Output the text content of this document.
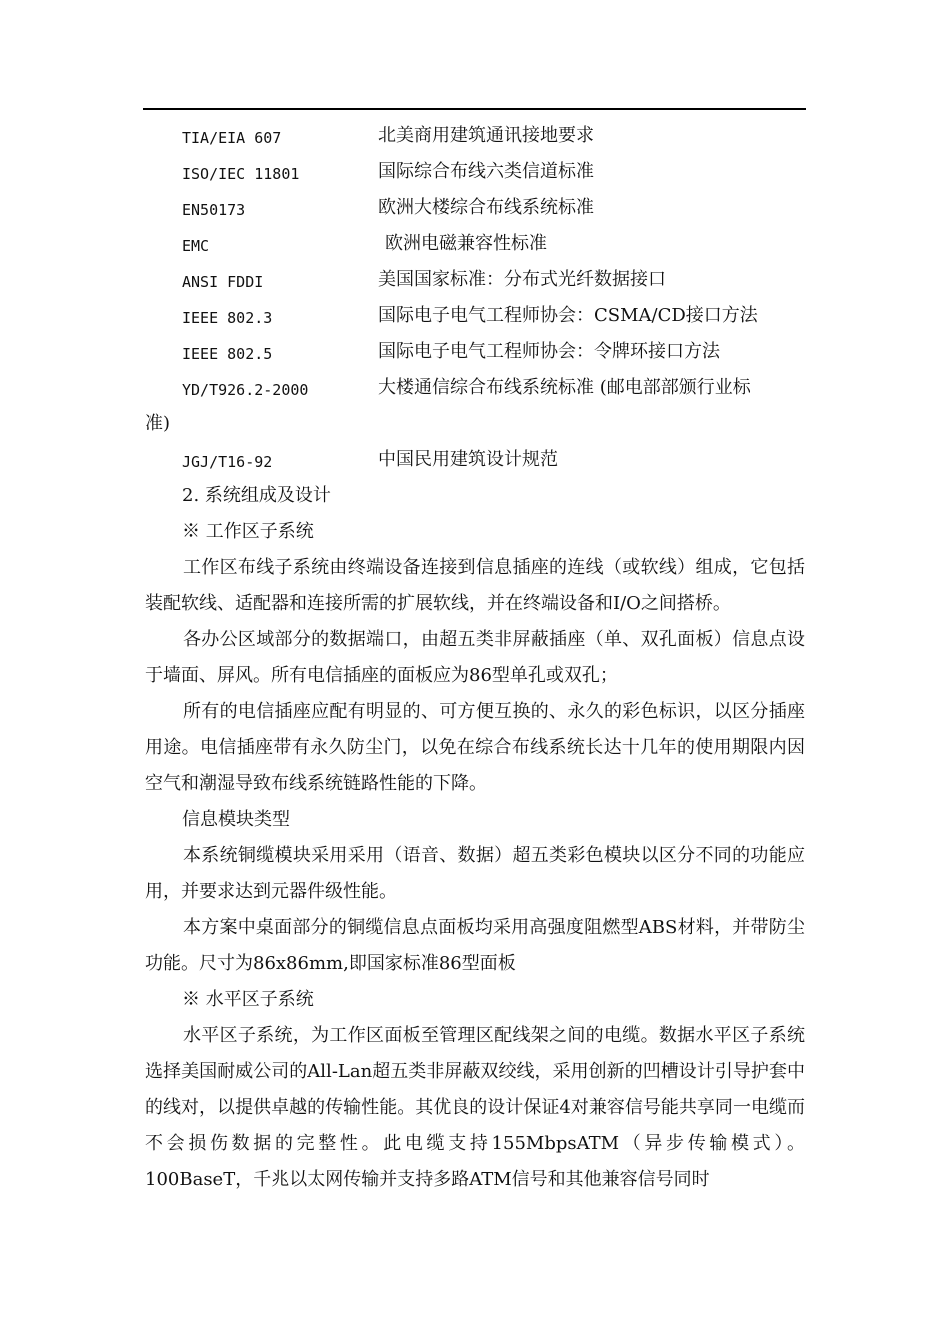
TIA/EIA 607	北美商用建筑通讯接地要求
ISO/IEC 11801	国际综合布线六类信道标准
EN50173	欧洲大楼综合布线系统标准
EMC	欧洲电磁兼容性标准
ANSI FDDI	美国国家标准：分布式光纤数据接口
IEEE 802.3	国际电子电气工程师协会：CSMA/CD接口方法
IEEE 802.5	国际电子电气工程师协会：令牌环接口方法
YD/T926.2-2000	大楼通信综合布线系统标准 (邮电部部颁行业标
准)
JGJ/T16-92	中国民用建筑设计规范
2. 系统组成及设计
※ 工作区子系统
工作区布线子系统由终端设备连接到信息插座的连线（或软线）组成，它包括装配软线、适配器和连接所需的扩展软线，并在终端设备和I/O之间搭桥。
各办公区域部分的数据端口，由超五类非屏蔽插座（单、双孔面板）信息点设于墙面、屏风。所有电信插座的面板应为86型单孔或双孔；
所有的电信插座应配有明显的、可方便互换的、永久的彩色标识，以区分插座用途。电信插座带有永久防尘门，以免在综合布线系统长达十几年的使用期限内因空气和潮湿导致布线系统链路性能的下降。
信息模块类型
本系统铜缆模块采用采用（语音、数据）超五类彩色模块以区分不同的功能应用，并要求达到元器件级性能。
本方案中桌面部分的铜缆信息点面板均采用高强度阻燃型ABS材料，并带防尘功能。尺寸为86x86mm,即国家标准86型面板
※ 水平区子系统
水平区子系统，为工作区面板至管理区配线架之间的电缆。数据水平区子系统选择美国耐威公司的All-Lan超五类非屏蔽双绞线，采用创新的凹槽设计引导护套中的线对，以提供卓越的传输性能。其优良的设计保证4对兼容信号能共享同一电缆而不会损伤数据的完整性。此电缆支持155MbpsATM（异步传输模式）。100BaseT，千兆以太网传输并支持多路ATM信号和其他兼容信号同时
